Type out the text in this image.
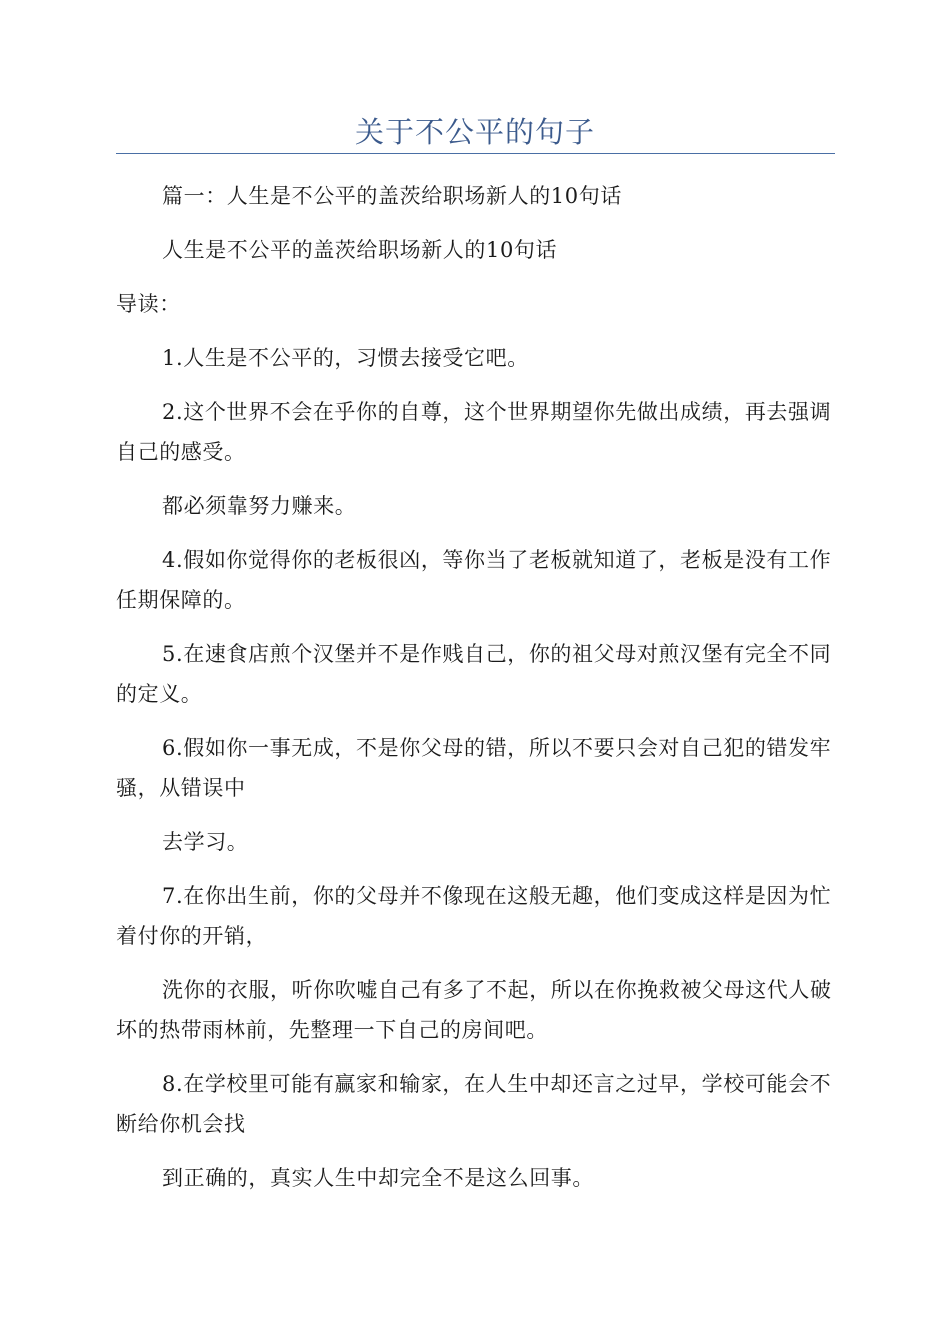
关于不公平的句子

篇一：人生是不公平的盖茨给职场新人的10句话

人生是不公平的盖茨给职场新人的10句话

导读：

1.人生是不公平的，习惯去接受它吧。

2.这个世界不会在乎你的自尊，这个世界期望你先做出成绩，再去强调自己的感受。

都必须靠努力赚来。

4.假如你觉得你的老板很凶，等你当了老板就知道了，老板是没有工作任期保障的。

5.在速食店煎个汉堡并不是作贱自己，你的祖父母对煎汉堡有完全不同的定义。

6.假如你一事无成，不是你父母的错，所以不要只会对自己犯的错发牢骚，从错误中

去学习。

7.在你出生前，你的父母并不像现在这般无趣，他们变成这样是因为忙着付你的开销，

洗你的衣服，听你吹嘘自己有多了不起，所以在你挽救被父母这代人破坏的热带雨林前，先整理一下自己的房间吧。

8.在学校里可能有赢家和输家，在人生中却还言之过早，学校可能会不断给你机会找

到正确的，真实人生中却完全不是这么回事。
